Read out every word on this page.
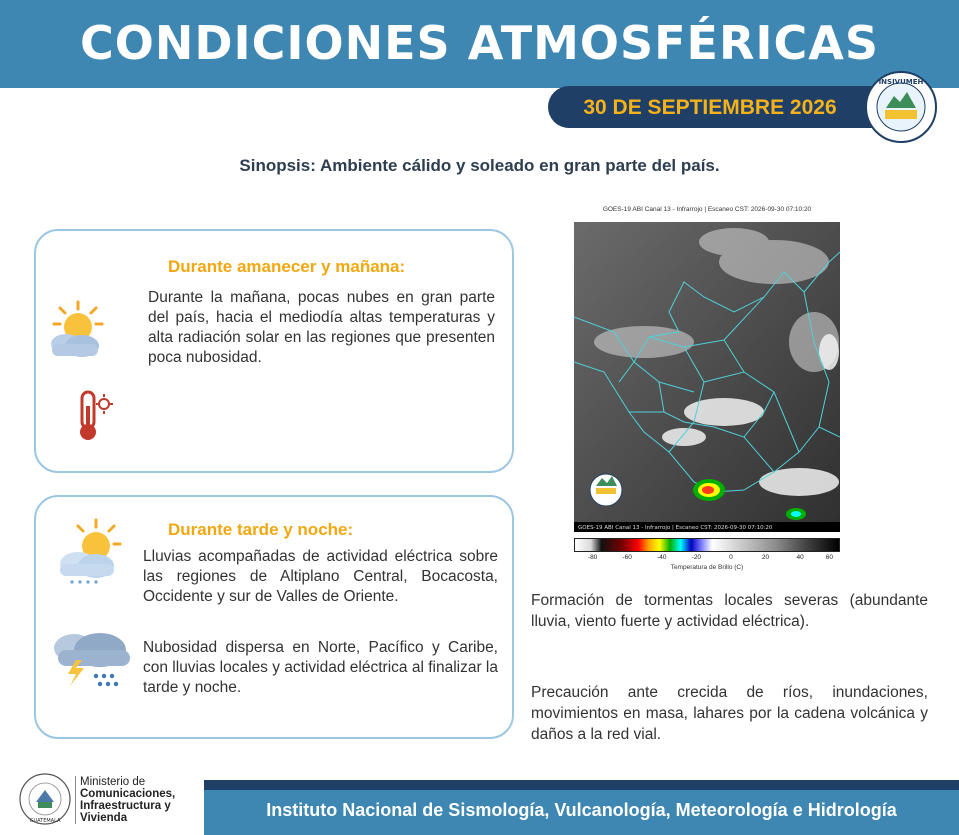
CONDICIONES ATMOSFÉRICAS
30 DE SEPTIEMBRE 2026
INSIVUMEH
Sinopsis: Ambiente cálido y soleado en gran parte del país.
Durante amanecer y mañana:
Durante la mañana, pocas nubes en gran parte del país, hacia el mediodía altas temperaturas y alta radiación solar en las regiones que presenten poca nubosidad.
Durante tarde y noche:
Lluvias acompañadas de actividad eléctrica sobre las regiones de Altiplano Central, Bocacosta, Occidente y sur de Valles de Oriente.
Nubosidad dispersa en Norte, Pacífico y Caribe, con lluvias locales y actividad eléctrica al finalizar la tarde y noche.
GOES-19 ABI Canal 13 - Infrarrojo | Escaneo CST: 2026-09-30 07:10:20
GOES-19 ABI Canal 13 - Infrarrojo | Escaneo CST: 2026-09-30 07:10:20
-80	-60	-40	-20	0	20	40	60
Temperatura de Brillo (C)
Formación de tormentas locales severas (abundante lluvia, viento fuerte y actividad eléctrica).
Precaución ante crecida de ríos, inundaciones, movimientos en masa, lahares por la cadena volcánica y daños a la red vial.
GUATEMALA
Ministerio de
Comunicaciones,
Infraestructura y
Vivienda	Instituto Nacional de Sismología, Vulcanología, Meteorología e Hidrología
